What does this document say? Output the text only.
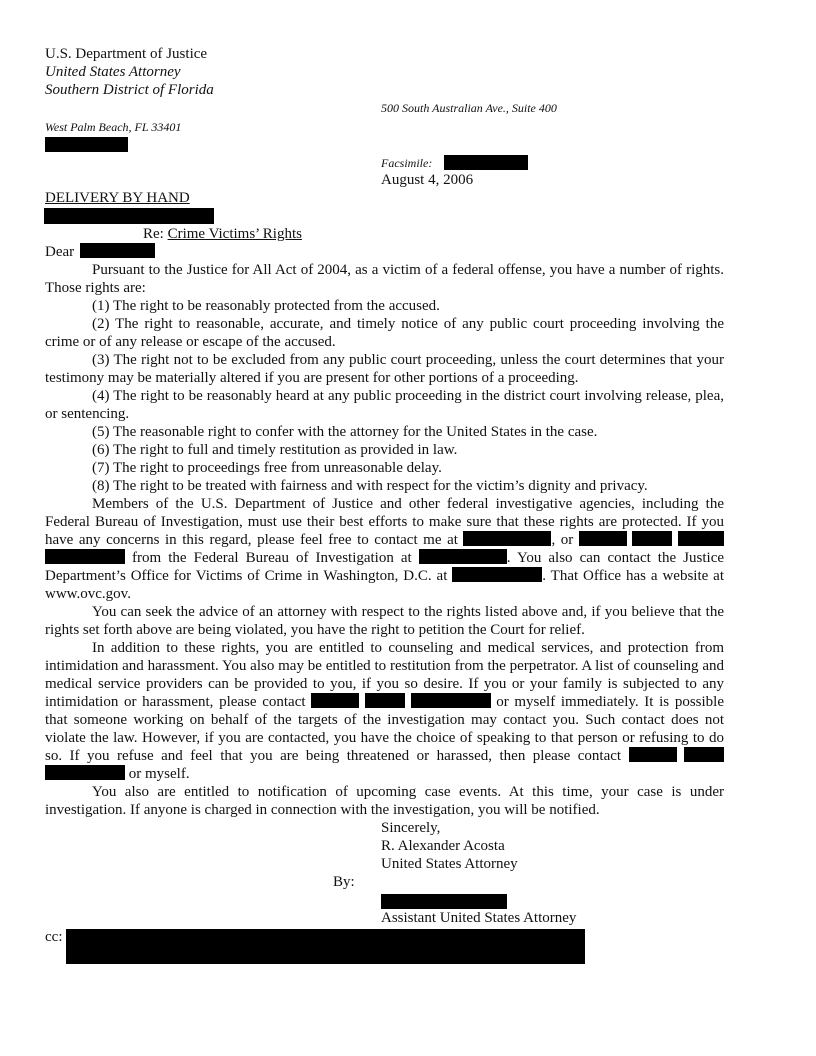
U.S. Department of Justice
United States Attorney
Southern District of Florida
500 South Australian Ave., Suite 400
West Palm Beach, FL 33401
Facsimile:
August 4, 2006
DELIVERY BY HAND
Re: Crime Victims’ Rights
Dear

Pursuant to the Justice for All Act of 2004, as a victim of a federal offense, you have a number of rights. Those rights are:

(1) The right to be reasonably protected from the accused.

(2) The right to reasonable, accurate, and timely notice of any public court proceeding involving the crime or of any release or escape of the accused.

(3) The right not to be excluded from any public court proceeding, unless the court determines that your testimony may be materially altered if you are present for other portions of a proceeding.

(4) The right to be reasonably heard at any public proceeding in the district court involving release, plea, or sentencing.

(5) The reasonable right to confer with the attorney for the United States in the case.

(6) The right to full and timely restitution as provided in law.

(7) The right to proceedings free from unreasonable delay.

(8) The right to be treated with fairness and with respect for the victim’s dignity and privacy.

Members of the U.S. Department of Justice and other federal investigative agencies, including the Federal Bureau of Investigation, must use their best efforts to make sure that these rights are protected. If you have any concerns in this regard, please feel free to contact me at	, or     from the Federal Bureau of Investigation at	. You also can contact the Justice Department’s Office for Victims of Crime in Washington, D.C. at	. That Office has a website at www.ovc.gov.

You can seek the advice of an attorney with respect to the rights listed above and, if you believe that the rights set forth above are being violated, you have the right to petition the Court for relief.

In addition to these rights, you are entitled to counseling and medical services, and protection from intimidation and harassment. You also may be entitled to restitution from the perpetrator. A list of counseling and medical service providers can be provided to you, if you so desire. If you or your family is subjected to any intimidation or harassment, please contact	or myself immediately. It is possible that someone working on behalf of the targets of the investigation may contact you. Such contact does not violate the law. However, if you are contacted, you have the choice of speaking to that person or refusing to do so. If you refuse and feel that you are being threatened or harassed, then please contact    or myself.

You also are entitled to notification of upcoming case events. At this time, your case is under investigation. If anyone is charged in connection with the investigation, you will be notified.

Sincerely,
R. Alexander Acosta
United States Attorney
By:
Assistant United States Attorney
cc:
